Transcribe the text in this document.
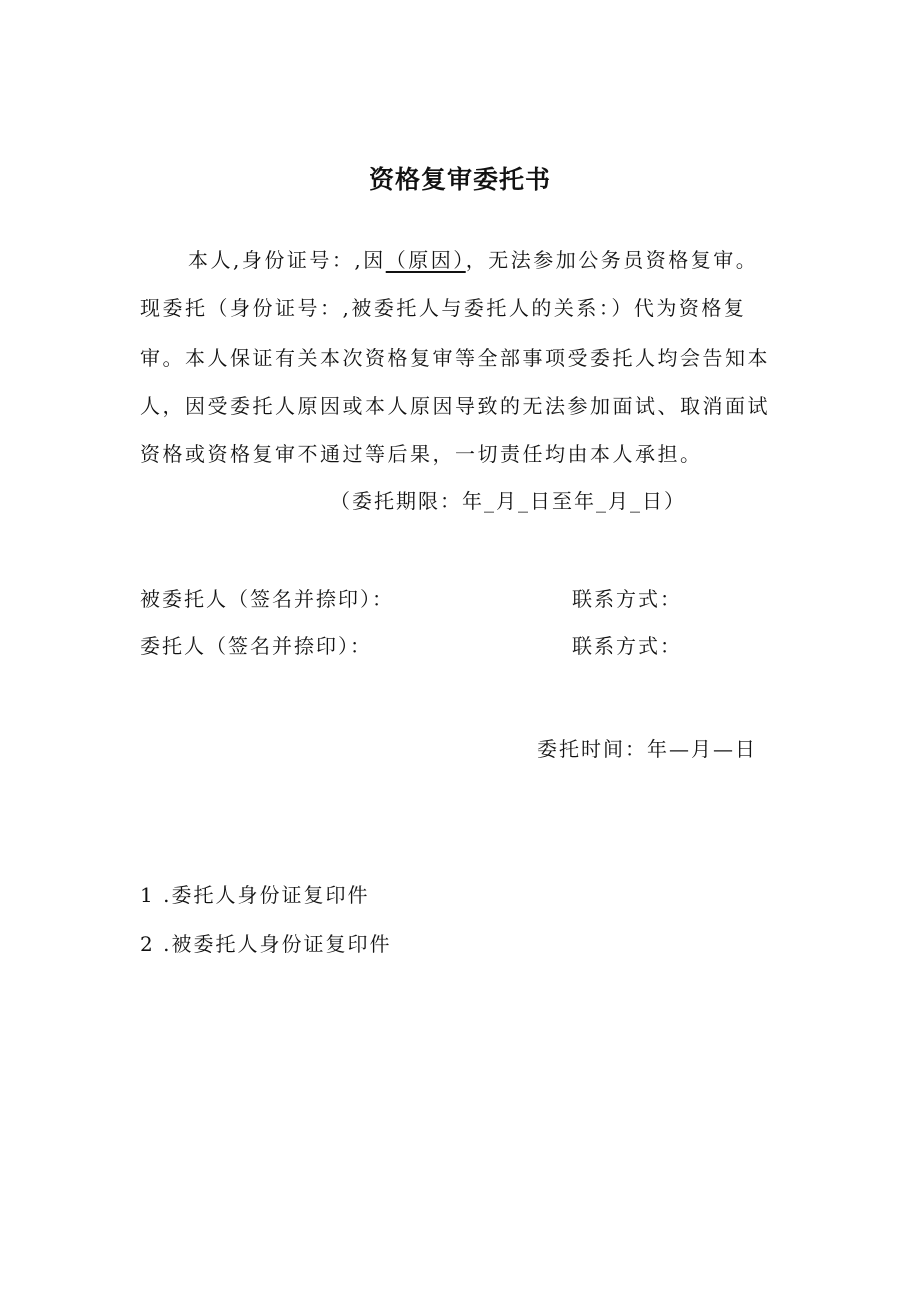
资格复审委托书
本人,身份证号：,因（原因），无法参加公务员资格复审。
现委托（身份证号：,被委托人与委托人的关系：）代为资格复
审。本人保证有关本次资格复审等全部事项受委托人均会告知本
人，因受委托人原因或本人原因导致的无法参加面试、取消面试
资格或资格复审不通过等后果，一切责任均由本人承担。
（委托期限：年_月_日至年_月_日）
被委托人（签名并捺印）：	联系方式：
委托人（签名并捺印）：	联系方式：
委托时间：年—月—日
1 .委托人身份证复印件
2 .被委托人身份证复印件
